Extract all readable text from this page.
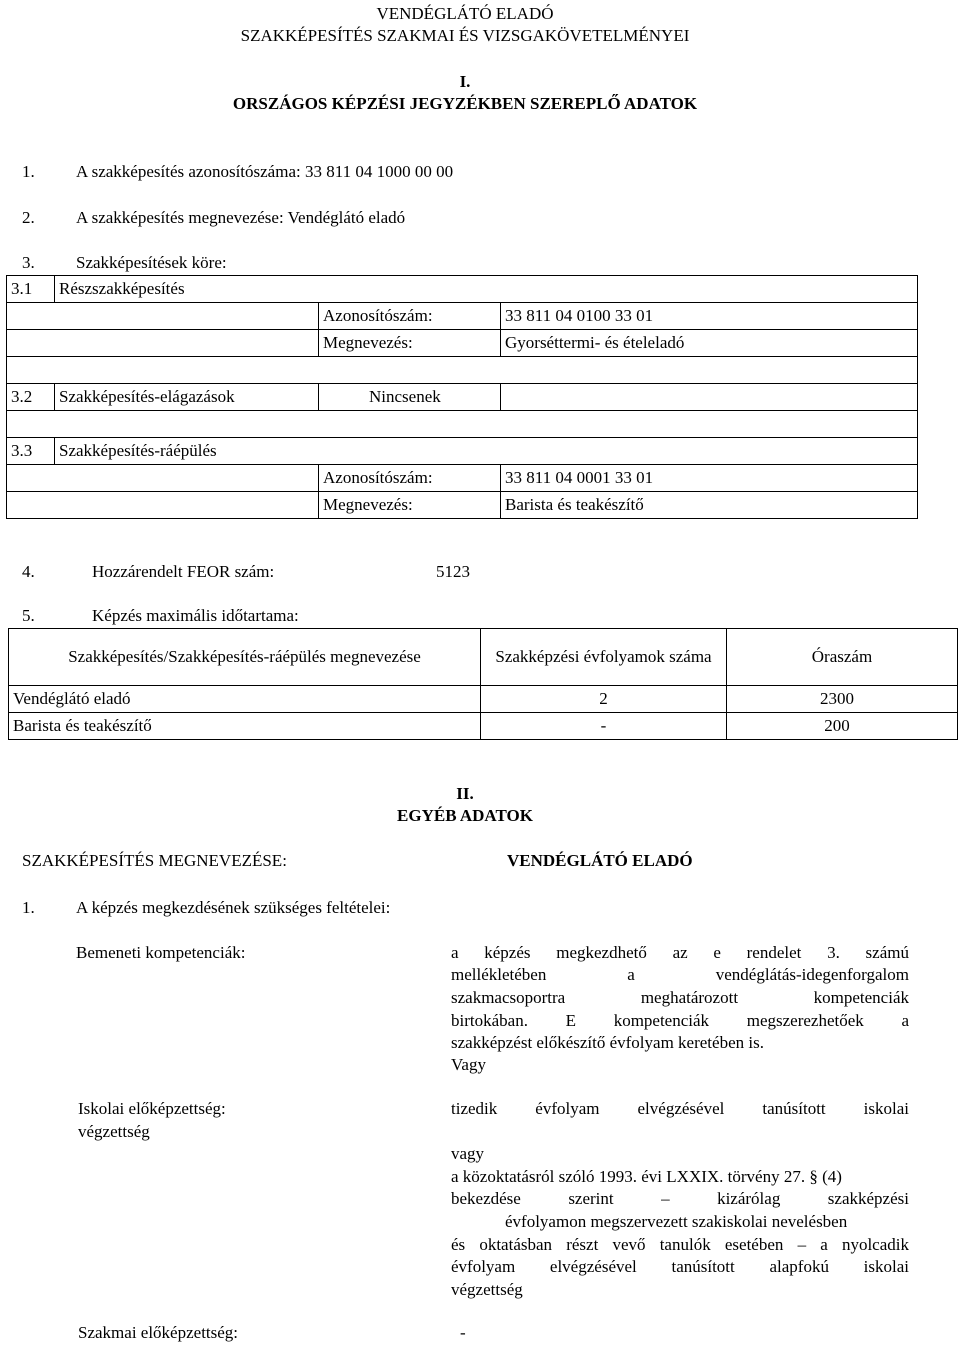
VENDÉGLÁTÓ ELADÓ
SZAKKÉPESÍTÉS SZAKMAI ÉS VIZSGAKÖVETELMÉNYEI
I.
ORSZÁGOS KÉPZÉSI JEGYZÉKBEN SZEREPLŐ ADATOK
1. A szakképesítés azonosítószáma: 33 811 04 1000 00 00
2. A szakképesítés megnevezése: Vendéglátó eladó
3. Szakképesítések köre:
3.1	Részszakképesítés		
		Azonosítószám:	33 811 04 0100 33 01
		Megnevezés:	Gyorséttermi- és ételeladó

3.2	Szakképesítés-elágazások	Nincsenek	

3.3	Szakképesítés-ráépülés		
		Azonosítószám:	33 811 04 0001 33 01
		Megnevezés:	Barista és teakészítő
4.	Hozzárendelt FEOR szám:	5123
5.	Képzés maximális időtartama:
Szakképesítés/Szakképesítés-ráépülés megnevezése	Szakképzési évfolyamok száma	Óraszám
Vendéglátó eladó	2	2300
Barista és teakészítő	-	200
II.
EGYÉB ADATOK
SZAKKÉPESÍTÉS MEGNEVEZÉSE:	VENDÉGLÁTÓ ELADÓ
1. A képzés megkezdésének szükséges feltételei:
Bemeneti kompetenciák:	a képzés megkezdhető az e rendelet 3. számú
mellékletében a vendéglátás-idegenforgalom
szakmacsoportra meghatározott kompetenciák
birtokában. E kompetenciák megszerezhetőek a
szakképzést előkészítő évfolyam keretében is.
Vagy
Iskolai előképzettség:
végzettség
tizedik évfolyam elvégzésével tanúsított iskolai
vagy
a közoktatásról szóló 1993. évi LXXIX. törvény 27. § (4)
bekezdése szerint – kizárólag szakképzési
évfolyamon megszervezett szakiskolai nevelésben
és oktatásban részt vevő tanulók esetében – a nyolcadik
évfolyam elvégzésével tanúsított alapfokú iskolai
végzettség
Szakmai előképzettség:	-
